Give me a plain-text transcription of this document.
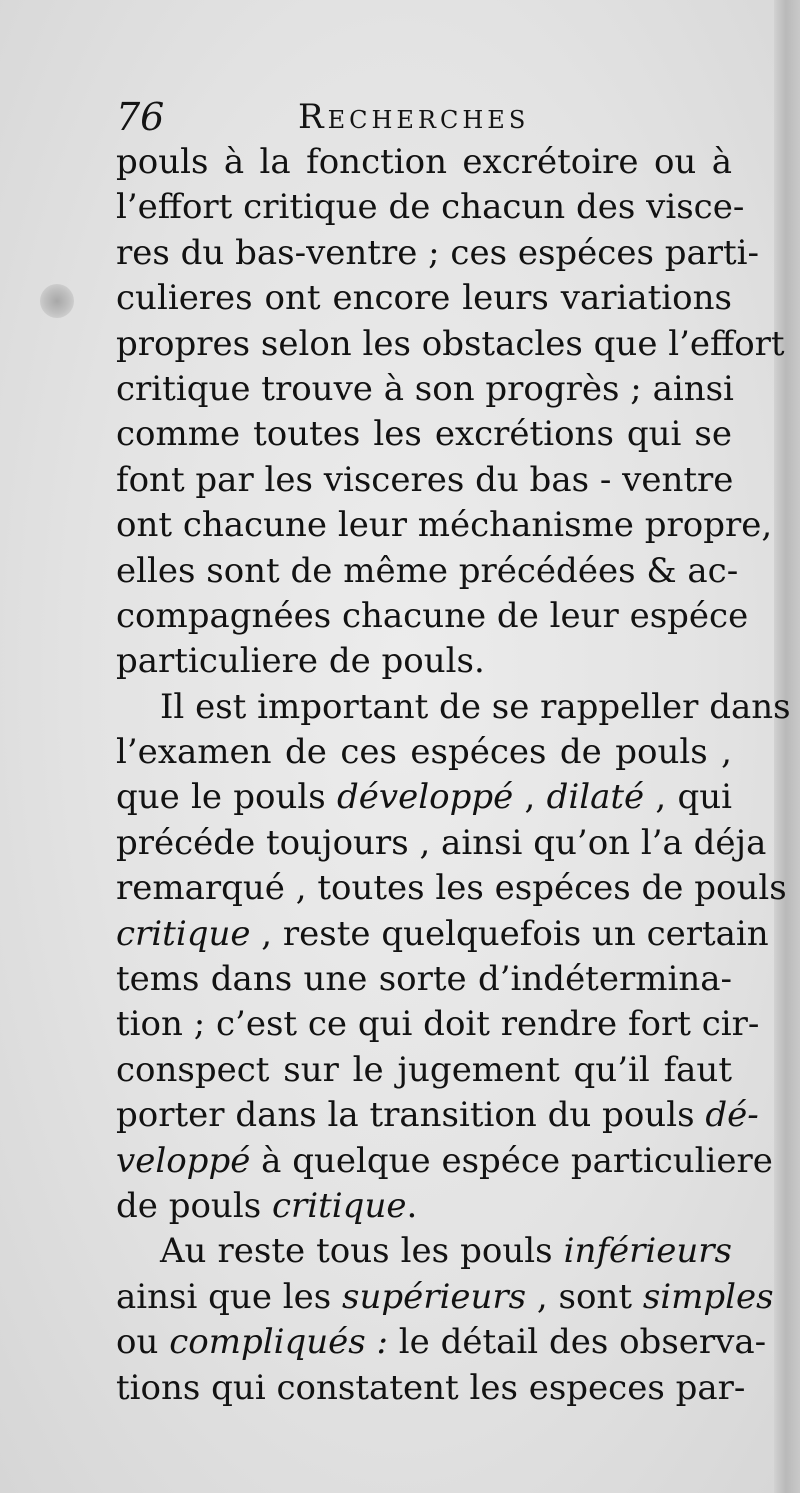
76	Recherches
pouls à la fonction excrétoire ou à
l’effort critique de chacun des visce-
res du bas-ventre ; ces espéces parti-
culieres ont encore leurs variations
propres selon les obstacles que l’effort
critique trouve à son progrès ; ainsi
comme toutes les excrétions qui se
font par les visceres du bas - ventre
ont chacune leur méchanisme propre,
elles sont de même précédées & ac-
compagnées chacune de leur espéce
particuliere de pouls.
Il est important de se rappeller dans
l’examen de ces espéces de pouls ,
que le pouls développé , dilaté , qui
précéde toujours , ainsi qu’on l’a déja
remarqué , toutes les espéces de pouls
critique , reste quelquefois un certain
tems dans une sorte d’indétermina-
tion ; c’est ce qui doit rendre fort cir-
conspect sur le jugement qu’il faut
porter dans la transition du pouls dé-
veloppé à quelque espéce particuliere
de pouls critique.
Au reste tous les pouls inférieurs
ainsi que les supérieurs , sont simples
ou compliqués : le détail des observa-
tions qui constatent les especes par-
